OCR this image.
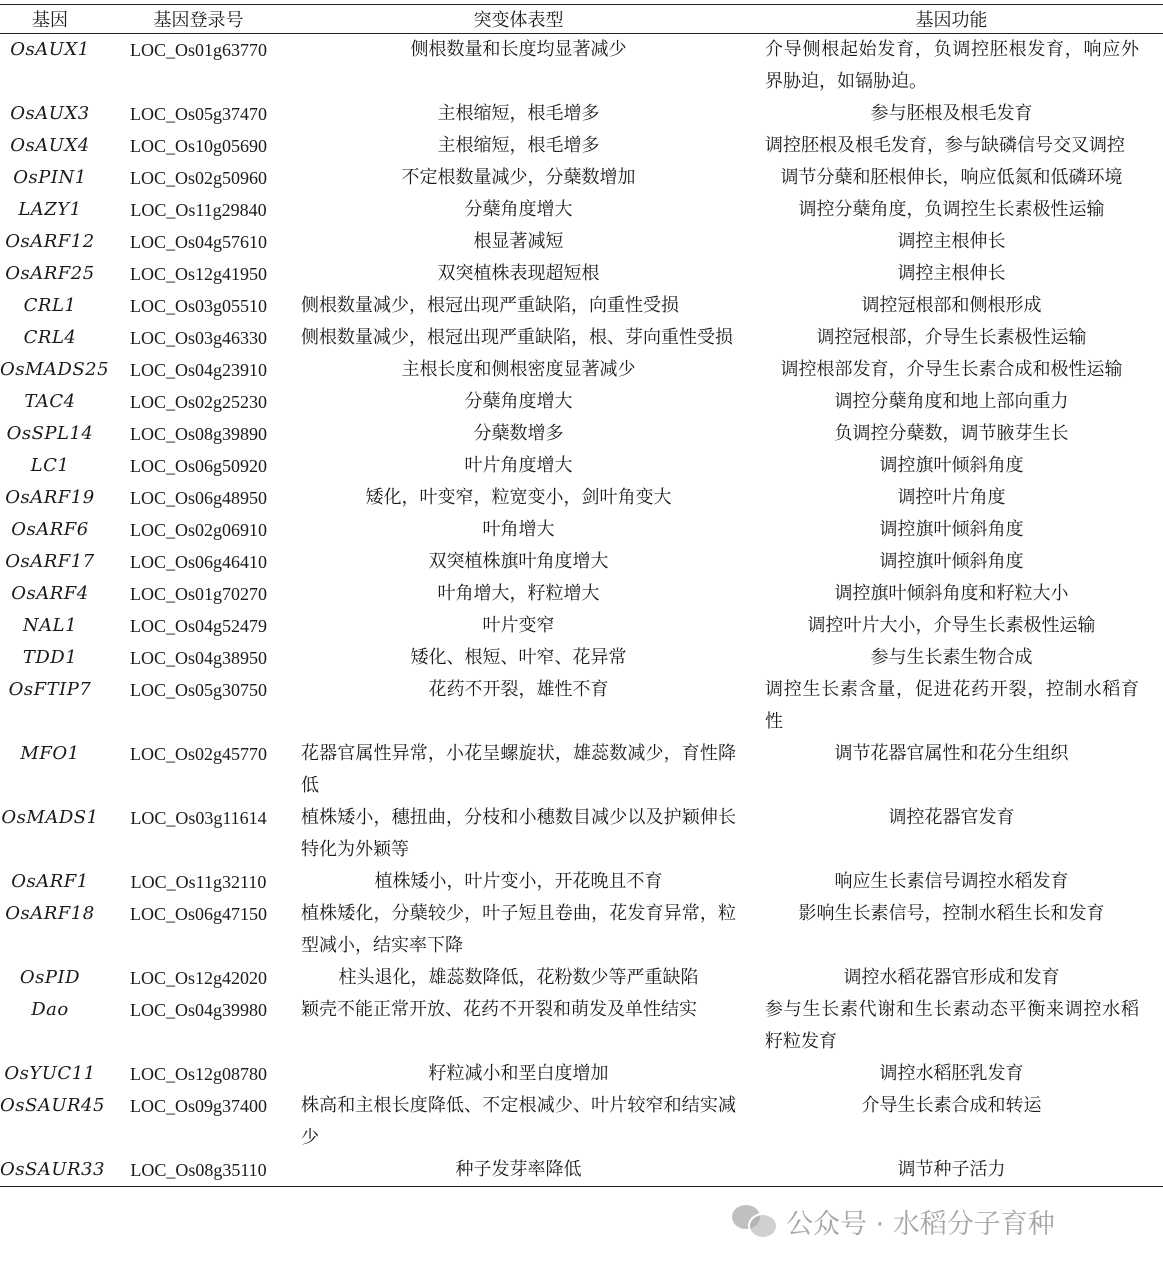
基因	基因登录号	突变体表型	基因功能
OsAUX1	LOC_Os01g63770	侧根数量和长度均显著减少	介导侧根起始发育，负调控胚根发育，响应外界胁迫，如镉胁迫。
OsAUX3	LOC_Os05g37470	主根缩短，根毛增多	参与胚根及根毛发育
OsAUX4	LOC_Os10g05690	主根缩短，根毛增多	调控胚根及根毛发育，参与缺磷信号交叉调控
OsPIN1	LOC_Os02g50960	不定根数量减少，分蘖数增加	调节分蘖和胚根伸长，响应低氮和低磷环境
LAZY1	LOC_Os11g29840	分蘖角度增大	调控分蘖角度，负调控生长素极性运输
OsARF12	LOC_Os04g57610	根显著减短	调控主根伸长
OsARF25	LOC_Os12g41950	双突植株表现超短根	调控主根伸长
CRL1	LOC_Os03g05510	侧根数量减少，根冠出现严重缺陷，向重性受损	调控冠根部和侧根形成
CRL4	LOC_Os03g46330	侧根数量减少，根冠出现严重缺陷，根、芽向重性受损	调控冠根部，介导生长素极性运输
OsMADS25	LOC_Os04g23910	主根长度和侧根密度显著减少	调控根部发育，介导生长素合成和极性运输
TAC4	LOC_Os02g25230	分蘖角度增大	调控分蘖角度和地上部向重力
OsSPL14	LOC_Os08g39890	分蘖数增多	负调控分蘖数，调节腋芽生长
LC1	LOC_Os06g50920	叶片角度增大	调控旗叶倾斜角度
OsARF19	LOC_Os06g48950	矮化，叶变窄，粒宽变小，剑叶角变大	调控叶片角度
OsARF6	LOC_Os02g06910	叶角增大	调控旗叶倾斜角度
OsARF17	LOC_Os06g46410	双突植株旗叶角度增大	调控旗叶倾斜角度
OsARF4	LOC_Os01g70270	叶角增大，籽粒增大	调控旗叶倾斜角度和籽粒大小
NAL1	LOC_Os04g52479	叶片变窄	调控叶片大小，介导生长素极性运输
TDD1	LOC_Os04g38950	矮化、根短、叶窄、花异常	参与生长素生物合成
OsFTIP7	LOC_Os05g30750	花药不开裂，雄性不育	调控生长素含量，促进花药开裂，控制水稻育性
MFO1	LOC_Os02g45770	花器官属性异常，小花呈螺旋状，雄蕊数减少，育性降低	调节花器官属性和花分生组织
OsMADS1	LOC_Os03g11614	植株矮小，穗扭曲，分枝和小穗数目减少以及护颖伸长特化为外颖等	调控花器官发育
OsARF1	LOC_Os11g32110	植株矮小，叶片变小，开花晚且不育	响应生长素信号调控水稻发育
OsARF18	LOC_Os06g47150	植株矮化，分蘖较少，叶子短且卷曲，花发育异常，粒型减小，结实率下降	影响生长素信号，控制水稻生长和发育
OsPID	LOC_Os12g42020	柱头退化，雄蕊数降低，花粉数少等严重缺陷	调控水稻花器官形成和发育
Dao	LOC_Os04g39980	颖壳不能正常开放、花药不开裂和萌发及单性结实	参与生长素代谢和生长素动态平衡来调控水稻籽粒发育
OsYUC11	LOC_Os12g08780	籽粒减小和垩白度增加	调控水稻胚乳发育
OsSAUR45	LOC_Os09g37400	株高和主根长度降低、不定根减少、叶片较窄和结实减少	介导生长素合成和转运
OsSAUR33	LOC_Os08g35110	种子发芽率降低	调节种子活力
公众号 · 水稻分子育种
